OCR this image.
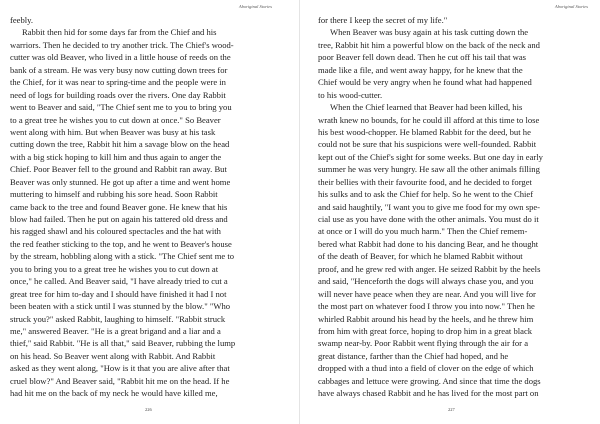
Aboriginal Stories
feebly.
Rabbit then hid for some days far from the Chief and his
warriors. Then he decided to try another trick. The Chief's wood-
cutter was old Beaver, who lived in a little house of reeds on the
bank of a stream. He was very busy now cutting down trees for
the Chief, for it was near to spring-time and the people were in
need of logs for building roads over the rivers. One day Rabbit
went to Beaver and said, "The Chief sent me to you to bring you
to a great tree he wishes you to cut down at once." So Beaver
went along with him. But when Beaver was busy at his task
cutting down the tree, Rabbit hit him a savage blow on the head
with a big stick hoping to kill him and thus again to anger the
Chief. Poor Beaver fell to the ground and Rabbit ran away. But
Beaver was only stunned. He got up after a time and went home
muttering to himself and rubbing his sore head. Soon Rabbit
came back to the tree and found Beaver gone. He knew that his
blow had failed. Then he put on again his tattered old dress and
his ragged shawl and his coloured spectacles and the hat with
the red feather sticking to the top, and he went to Beaver's house
by the stream, hobbling along with a stick. "The Chief sent me to
you to bring you to a great tree he wishes you to cut down at
once," he called. And Beaver said, "I have already tried to cut a
great tree for him to-day and I should have finished it had I not
been beaten with a stick until I was stunned by the blow." "Who
struck you?" asked Rabbit, laughing to himself. "Rabbit struck
me," answered Beaver. "He is a great brigand and a liar and a
thief," said Rabbit. "He is all that," said Beaver, rubbing the lump
on his head. So Beaver went along with Rabbit. And Rabbit
asked as they went along, "How is it that you are alive after that
cruel blow?" And Beaver said, "Rabbit hit me on the head. If he
had hit me on the back of my neck he would have killed me,
226
Aboriginal Stories
for there I keep the secret of my life."
When Beaver was busy again at his task cutting down the
tree, Rabbit hit him a powerful blow on the back of the neck and
poor Beaver fell down dead. Then he cut off his tail that was
made like a file, and went away happy, for he knew that the
Chief would be very angry when he found what had happened
to his wood-cutter.
When the Chief learned that Beaver had been killed, his
wrath knew no bounds, for he could ill afford at this time to lose
his best wood-chopper. He blamed Rabbit for the deed, but he
could not be sure that his suspicions were well-founded. Rabbit
kept out of the Chief's sight for some weeks. But one day in early
summer he was very hungry. He saw all the other animals filling
their bellies with their favourite food, and he decided to forget
his sulks and to ask the Chief for help. So he went to the Chief
and said haughtily, "I want you to give me food for my own spe-
cial use as you have done with the other animals. You must do it
at once or I will do you much harm." Then the Chief remem-
bered what Rabbit had done to his dancing Bear, and he thought
of the death of Beaver, for which he blamed Rabbit without
proof, and he grew red with anger. He seized Rabbit by the heels
and said, "Henceforth the dogs will always chase you, and you
will never have peace when they are near. And you will live for
the most part on whatever food I throw you into now." Then he
whirled Rabbit around his head by the heels, and he threw him
from him with great force, hoping to drop him in a great black
swamp near-by. Poor Rabbit went flying through the air for a
great distance, farther than the Chief had hoped, and he
dropped with a thud into a field of clover on the edge of which
cabbages and lettuce were growing. And since that time the dogs
have always chased Rabbit and he has lived for the most part on
227
